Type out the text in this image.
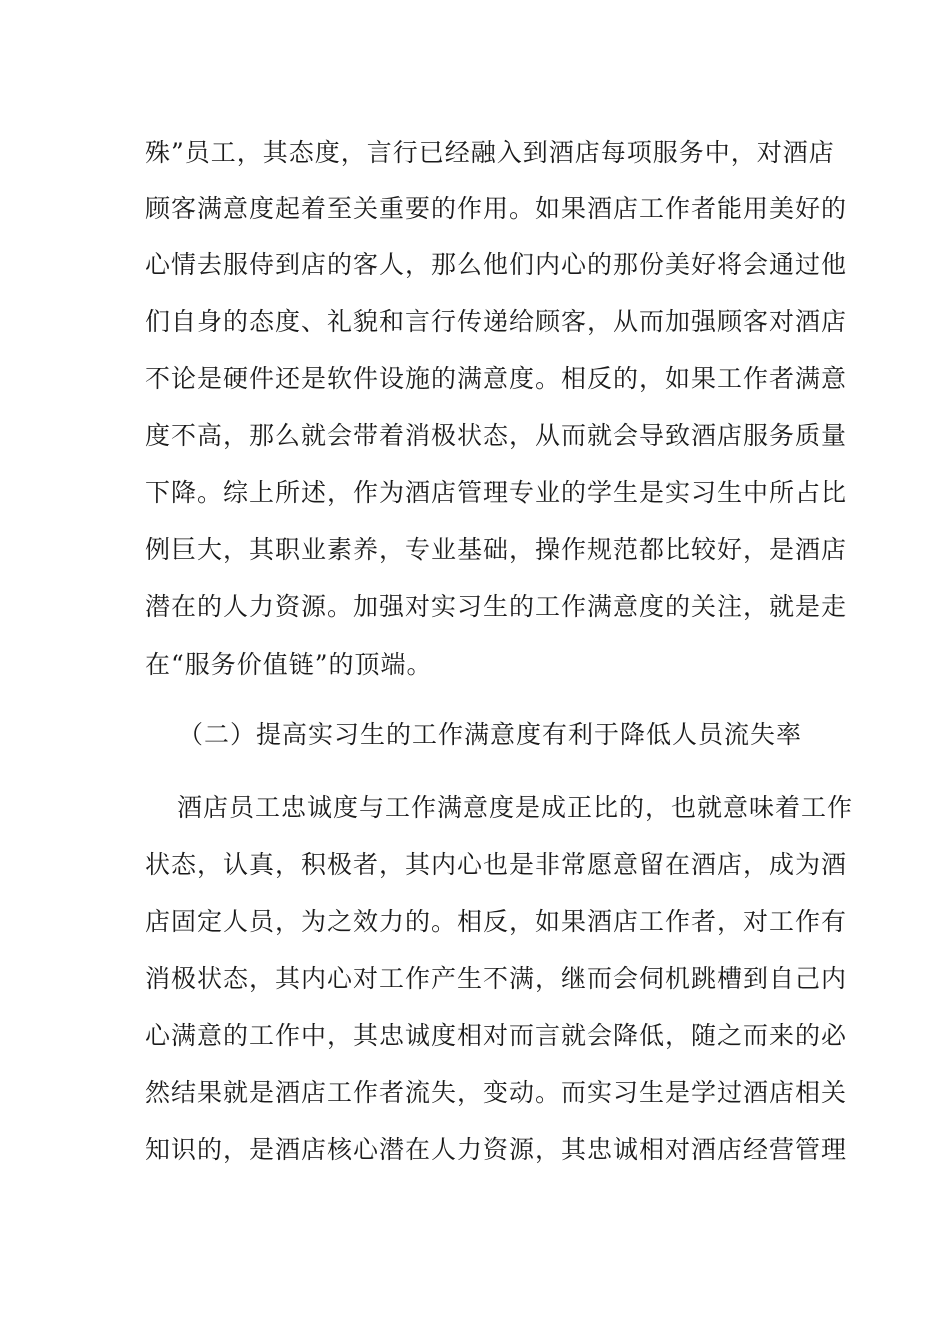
殊”员工，其态度，言行已经融入到酒店每项服务中，对酒店
顾客满意度起着至关重要的作用。如果酒店工作者能用美好的
心情去服侍到店的客人，那么他们内心的那份美好将会通过他
们自身的态度、礼貌和言行传递给顾客，从而加强顾客对酒店
不论是硬件还是软件设施的满意度。相反的，如果工作者满意
度不高，那么就会带着消极状态，从而就会导致酒店服务质量
下降。综上所述，作为酒店管理专业的学生是实习生中所占比
例巨大，其职业素养，专业基础，操作规范都比较好，是酒店
潜在的人力资源。加强对实习生的工作满意度的关注，就是走
在“服务价值链”的顶端。
（二）提高实习生的工作满意度有利于降低人员流失率
酒店员工忠诚度与工作满意度是成正比的，也就意味着工作
状态，认真，积极者，其内心也是非常愿意留在酒店，成为酒
店固定人员，为之效力的。相反，如果酒店工作者，对工作有
消极状态，其内心对工作产生不满，继而会伺机跳槽到自己内
心满意的工作中，其忠诚度相对而言就会降低，随之而来的必
然结果就是酒店工作者流失，变动。而实习生是学过酒店相关
知识的，是酒店核心潜在人力资源，其忠诚相对酒店经营管理
